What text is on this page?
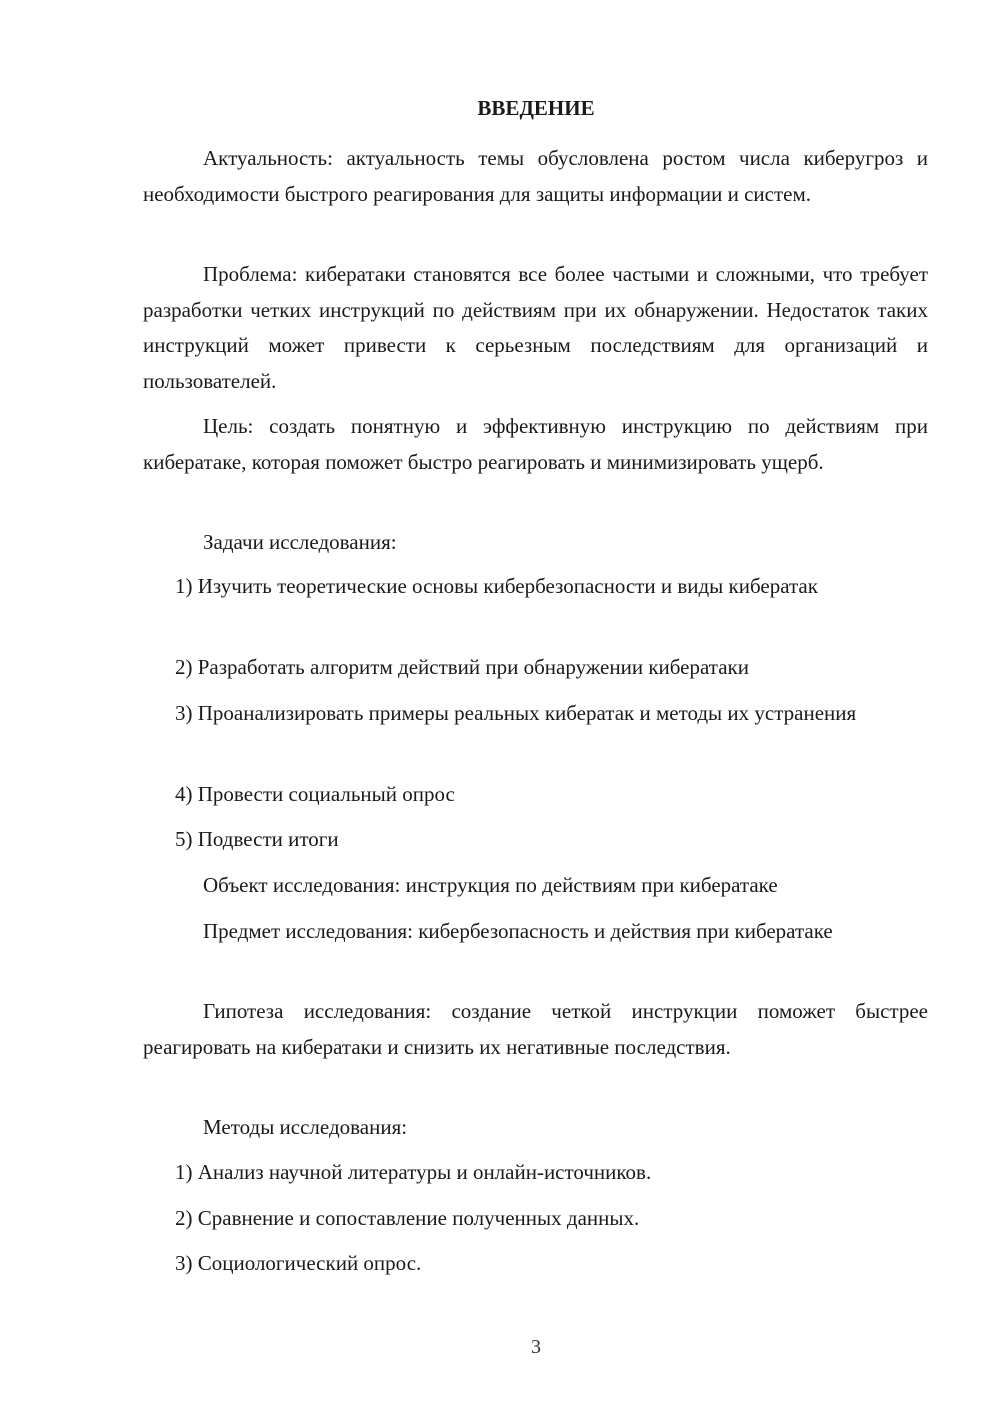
ВВЕДЕНИЕ

Актуальность: актуальность темы обусловлена ростом числа киберугроз и необходимости быстрого реагирования для защиты информации и систем.

Проблема: кибератаки становятся все более частыми и сложными, что требует разработки четких инструкций по действиям при их обнаружении. Недостаток таких инструкций может привести к серьезным последствиям для организаций и пользователей.

Цель: создать понятную и эффективную инструкцию по действиям при кибератаке, которая поможет быстро реагировать и минимизировать ущерб.

Задачи исследования:

1) Изучить теоретические основы кибербезопасности и виды кибератак

2) Разработать алгоритм действий при обнаружении кибератаки

3) Проанализировать примеры реальных кибератак и методы их устранения

4) Провести социальный опрос

5) Подвести итоги

Объект исследования: инструкция по действиям при кибератаке

Предмет исследования: кибербезопасность и действия при кибератаке

Гипотеза исследования: создание четкой инструкции поможет быстрее реагировать на кибератаки и снизить их негативные последствия.

Методы исследования:

1) Анализ научной литературы и онлайн-источников.

2) Сравнение и сопоставление полученных данных.

3) Социологический опрос.

3
